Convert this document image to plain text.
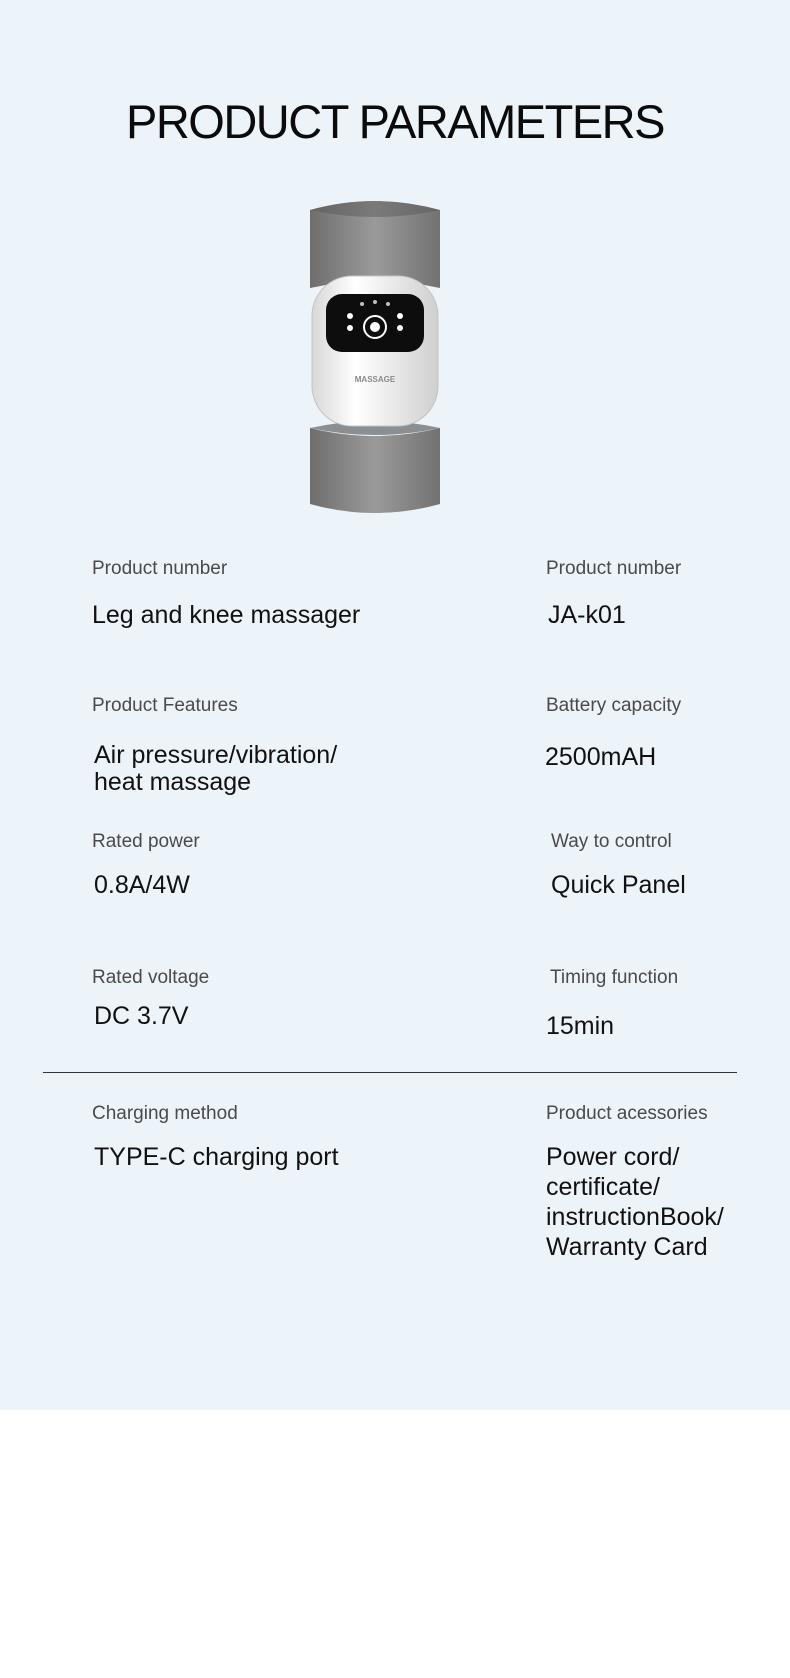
PRODUCT PARAMETERS
MASSAGE
Product number
Leg and knee massager
Product number
JA-k01
Product Features
Air pressure/vibration/
heat massage
Battery capacity
2500mAH
Rated power
0.8A/4W
Way to control
Quick Panel
Rated voltage
DC 3.7V
Timing function
15min
Charging method
TYPE-C charging port
Product acessories
Power cord/
certificate/
instructionBook/
Warranty Card
